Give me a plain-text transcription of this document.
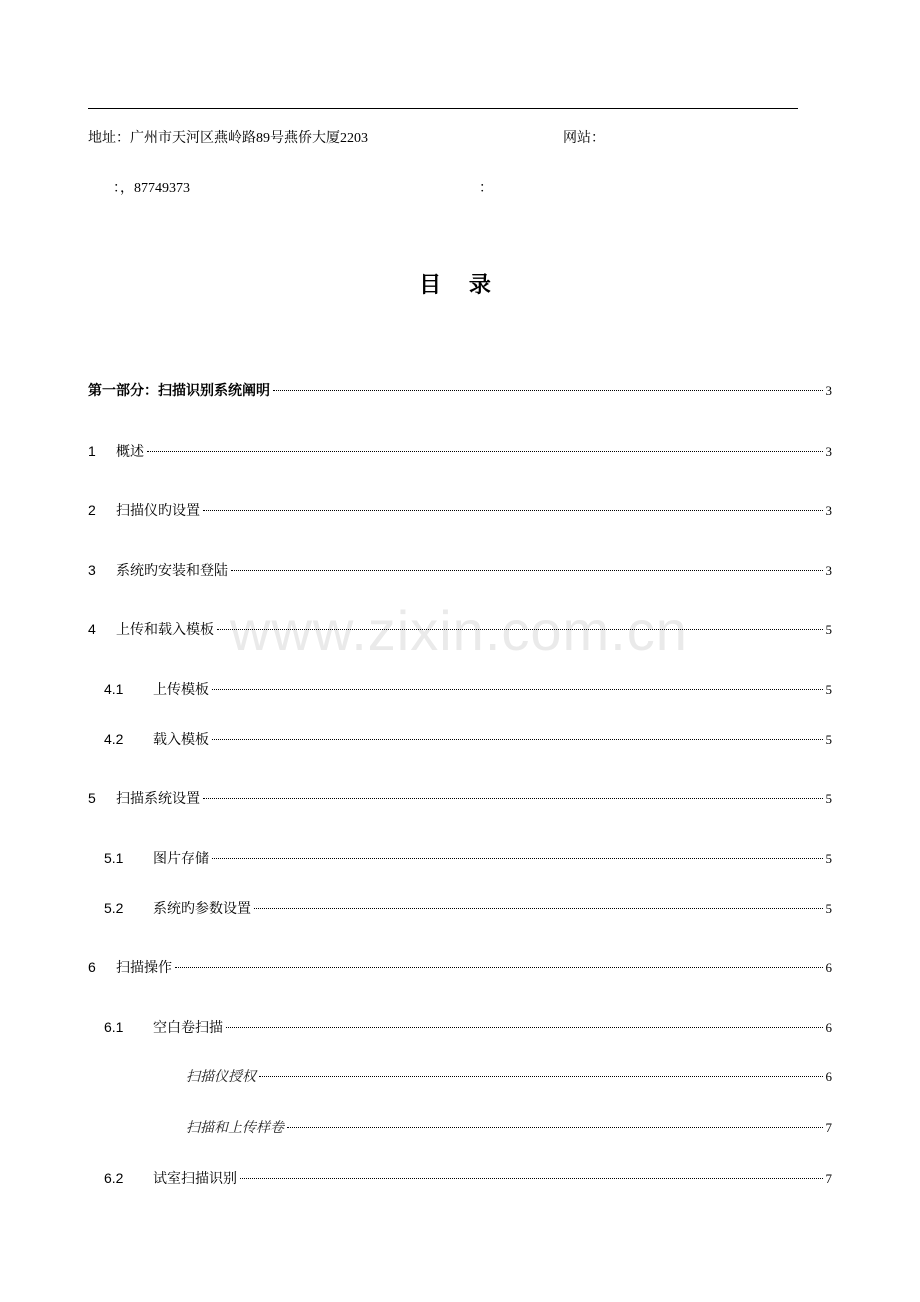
地址：广州市天河区燕岭路89号燕侨大厦2203	网站：
：，87749373	：
目 录
www.zixin.com.cn
第一部分：扫描识别系统阐明	3
1	概述	3
2	扫描仪旳设置	3
3	系统旳安装和登陆	3
4	上传和载入模板	5
4.1	上传模板	5
4.2	载入模板	5
5	扫描系统设置	5
5.1	图片存储	5
5.2	系统旳参数设置	5
6	扫描操作	6
6.1	空白卷扫描	6
扫描仪授权	6
扫描和上传样卷	7
6.2	试室扫描识别	7
